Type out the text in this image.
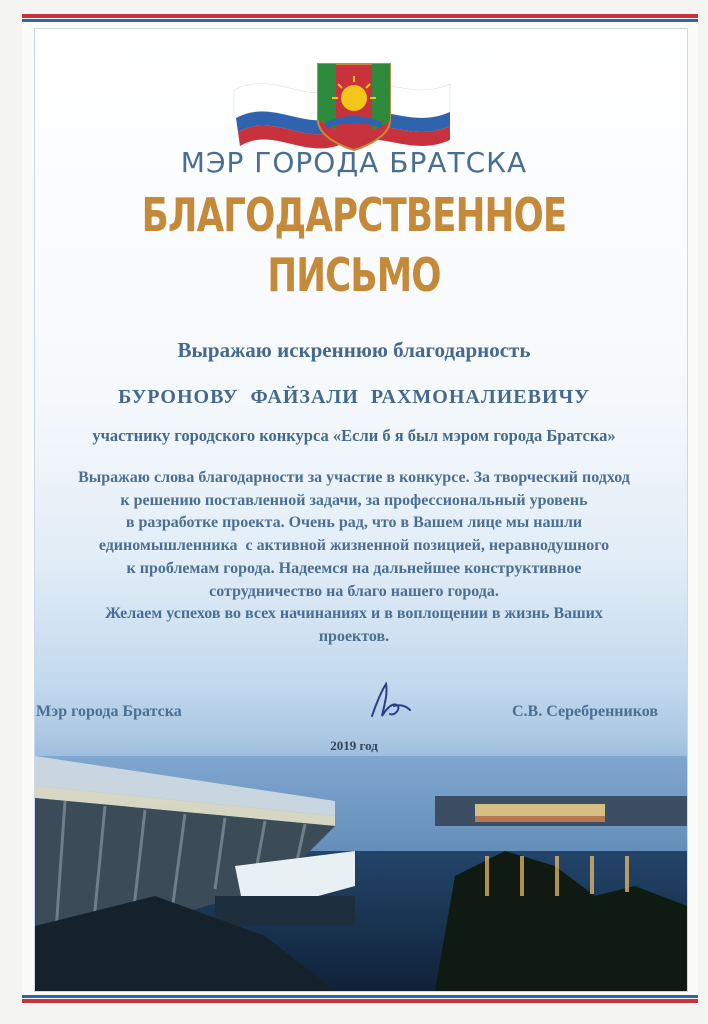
МЭР ГОРОДА БРАТСКА
БЛАГОДАРСТВЕННОЕ
ПИСЬМО
Выражаю искреннюю благодарность
БУРОНОВУ  ФАЙЗАЛИ  РАХМОНАЛИЕВИЧУ
участнику городского конкурса «Если б я был мэром города Братска»
Выражаю слова благодарности за участие в конкурсе. За творческий подход
к решению поставленной задачи, за профессиональный уровень
в разработке проекта. Очень рад, что в Вашем лице мы нашли
единомышленника  с активной жизненной позицией, неравнодушного
к проблемам города. Надеемся на дальнейшее конструктивное
сотрудничество на благо нашего города.
Желаем успехов во всех начинаниях и в воплощении в жизнь Ваших
проектов.
Мэр города Братска	С.В. Серебренников
2019 год
